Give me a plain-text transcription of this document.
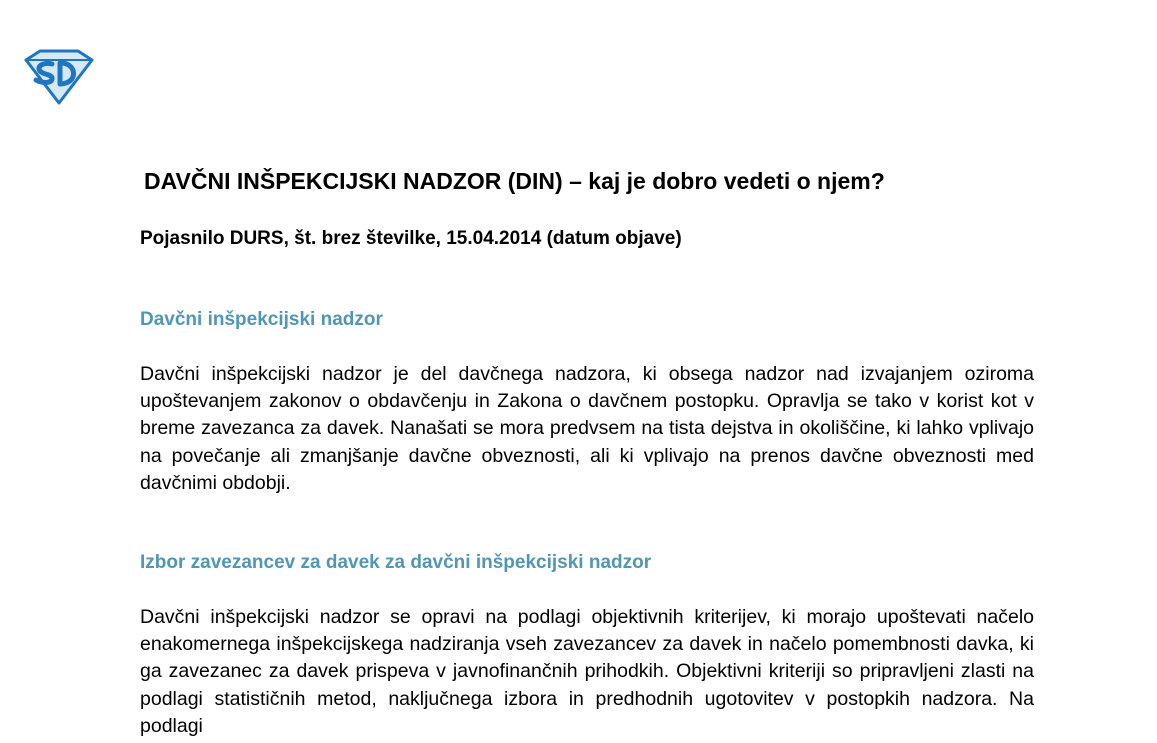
DAVČNI INŠPEKCIJSKI NADZOR (DIN) – kaj je dobro vedeti o njem?

Pojasnilo DURS, št. brez številke, 15.04.2014 (datum objave)

Davčni inšpekcijski nadzor

Davčni inšpekcijski nadzor je del davčnega nadzora, ki obsega nadzor nad izvajanjem oziroma upoštevanjem zakonov o obdavčenju in Zakona o davčnem postopku. Opravlja se tako v korist kot v breme zavezanca za davek. Nanašati se mora predvsem na tista dejstva in okoliščine, ki lahko vplivajo na povečanje ali zmanjšanje davčne obveznosti, ali ki vplivajo na prenos davčne obveznosti med davčnimi obdobji.

Izbor zavezancev za davek za davčni inšpekcijski nadzor

Davčni inšpekcijski nadzor se opravi na podlagi objektivnih kriterijev, ki morajo upoštevati načelo enakomernega inšpekcijskega nadziranja vseh zavezancev za davek in načelo pomembnosti davka, ki ga zavezanec za davek prispeva v javnofinančnih prihodkih. Objektivni kriteriji so pripravljeni zlasti na podlagi statističnih metod, naključnega izbora in predhodnih ugotovitev v postopkih nadzora. Na podlagi
